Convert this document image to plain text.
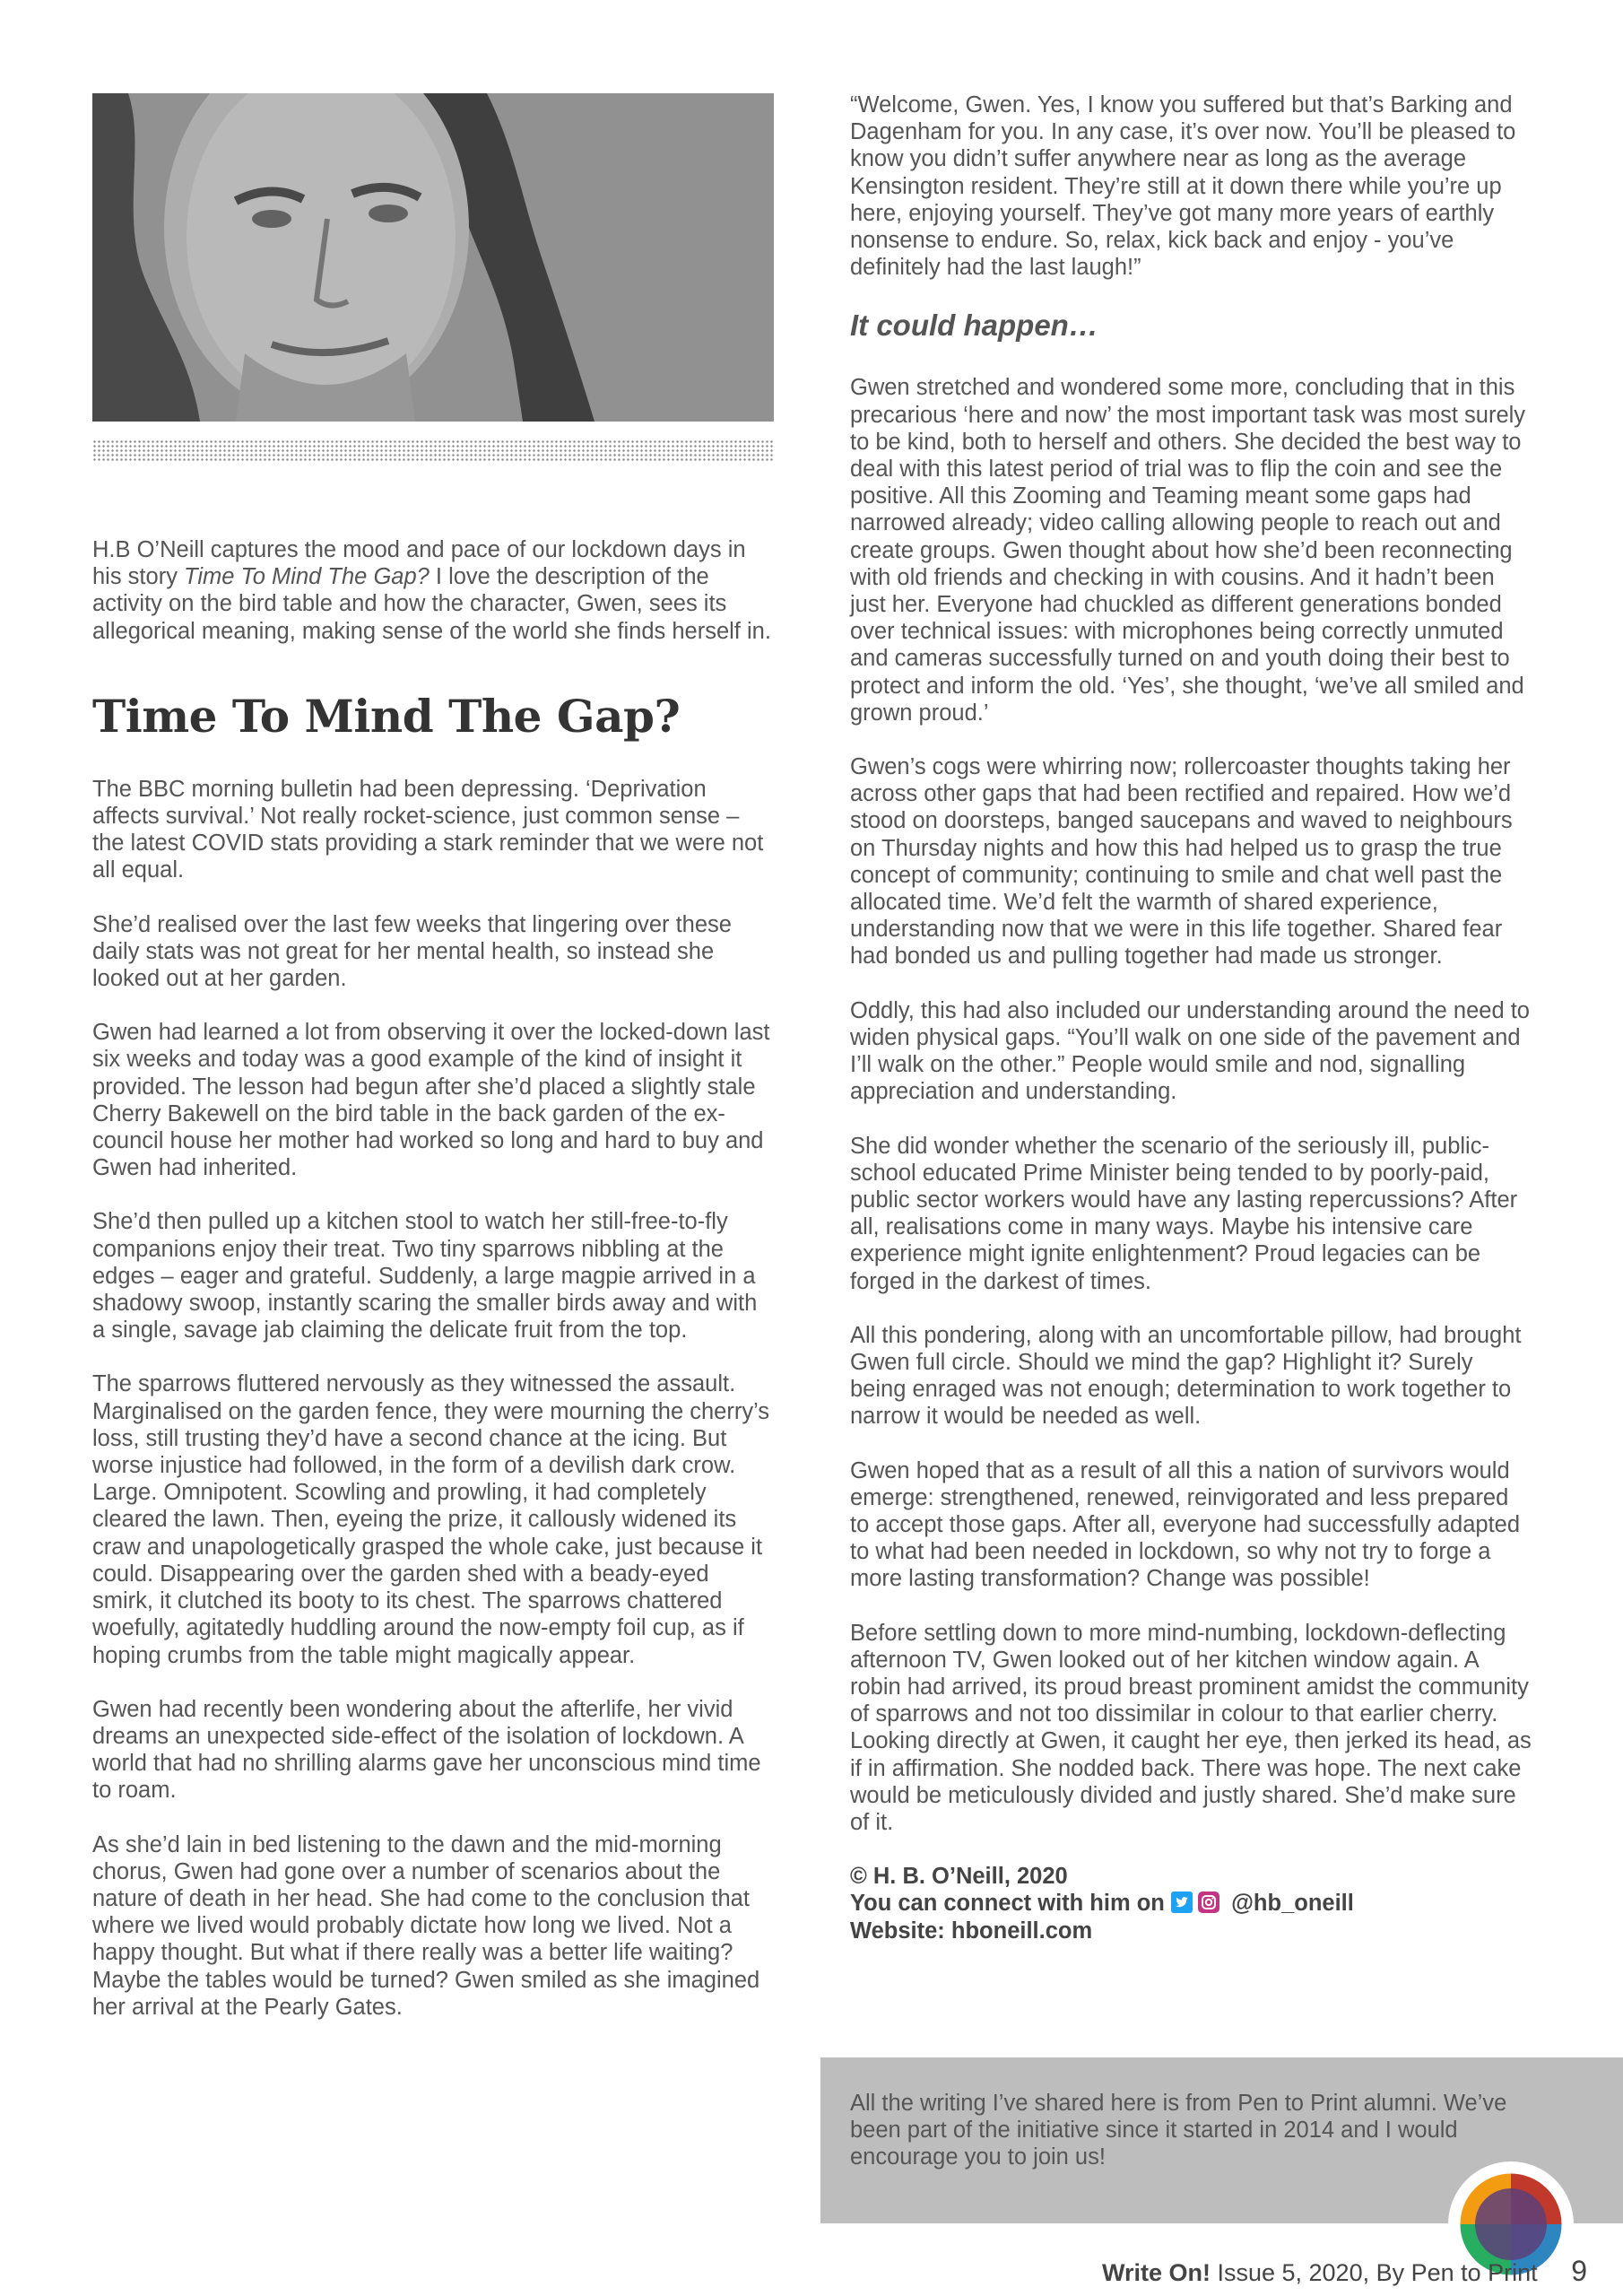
H.B O’Neill captures the mood and pace of our lockdown days in his story Time To Mind The Gap? I love the description of the activity on the bird table and how the character, Gwen, sees its allegorical meaning, making sense of the world she finds herself in.

Time To Mind The Gap?

The BBC morning bulletin had been depressing. ‘Deprivation affects survival.’ Not really rocket-science, just common sense – the latest COVID stats providing a stark reminder that we were not all equal.

She’d realised over the last few weeks that lingering over these daily stats was not great for her mental health, so instead she looked out at her garden.

Gwen had learned a lot from observing it over the locked-down last six weeks and today was a good example of the kind of insight it provided. The lesson had begun after she’d placed a slightly stale Cherry Bakewell on the bird table in the back garden of the ex-council house her mother had worked so long and hard to buy and Gwen had inherited.

She’d then pulled up a kitchen stool to watch her still-free-to-fly companions enjoy their treat. Two tiny sparrows nibbling at the edges – eager and grateful. Suddenly, a large magpie arrived in a shadowy swoop, instantly scaring the smaller birds away and with a single, savage jab claiming the delicate fruit from the top.

The sparrows fluttered nervously as they witnessed the assault. Marginalised on the garden fence, they were mourning the cherry’s loss, still trusting they’d have a second chance at the icing. But worse injustice had followed, in the form of a devilish dark crow. Large. Omnipotent. Scowling and prowling, it had completely cleared the lawn. Then, eyeing the prize, it callously widened its craw and unapologetically grasped the whole cake, just because it could. Disappearing over the garden shed with a beady-eyed smirk, it clutched its booty to its chest. The sparrows chattered woefully, agitatedly huddling around the now-empty foil cup, as if hoping crumbs from the table might magically appear.

Gwen had recently been wondering about the afterlife, her vivid dreams an unexpected side-effect of the isolation of lockdown. A world that had no shrilling alarms gave her unconscious mind time to roam.

As she’d lain in bed listening to the dawn and the mid-morning chorus, Gwen had gone over a number of scenarios about the nature of death in her head. She had come to the conclusion that where we lived would probably dictate how long we lived. Not a happy thought. But what if there really was a better life waiting? Maybe the tables would be turned? Gwen smiled as she imagined her arrival at the Pearly Gates.

“Welcome, Gwen. Yes, I know you suffered but that’s Barking and Dagenham for you. In any case, it’s over now. You’ll be pleased to know you didn’t suffer anywhere near as long as the average Kensington resident. They’re still at it down there while you’re up here, enjoying yourself. They’ve got many more years of earthly nonsense to endure. So, relax, kick back and enjoy - you’ve definitely had the last laugh!”

It could happen…

Gwen stretched and wondered some more, concluding that in this precarious ‘here and now’ the most important task was most surely to be kind, both to herself and others. She decided the best way to deal with this latest period of trial was to flip the coin and see the positive. All this Zooming and Teaming meant some gaps had narrowed already; video calling allowing people to reach out and create groups. Gwen thought about how she’d been reconnecting with old friends and checking in with cousins. And it hadn’t been just her. Everyone had chuckled as different generations bonded over technical issues: with microphones being correctly unmuted and cameras successfully turned on and youth doing their best to protect and inform the old. ‘Yes’, she thought, ‘we’ve all smiled and grown proud.’

Gwen’s cogs were whirring now; rollercoaster thoughts taking her across other gaps that had been rectified and repaired. How we’d stood on doorsteps, banged saucepans and waved to neighbours on Thursday nights and how this had helped us to grasp the true concept of community; continuing to smile and chat well past the allocated time. We’d felt the warmth of shared experience, understanding now that we were in this life together. Shared fear had bonded us and pulling together had made us stronger.

Oddly, this had also included our understanding around the need to widen physical gaps. “You’ll walk on one side of the pavement and I’ll walk on the other.” People would smile and nod, signalling appreciation and understanding.

She did wonder whether the scenario of the seriously ill, public-school educated Prime Minister being tended to by poorly-paid, public sector workers would have any lasting repercussions? After all, realisations come in many ways. Maybe his intensive care experience might ignite enlightenment? Proud legacies can be forged in the darkest of times.

All this pondering, along with an uncomfortable pillow, had brought Gwen full circle. Should we mind the gap? Highlight it? Surely being enraged was not enough; determination to work together to narrow it would be needed as well.

Gwen hoped that as a result of all this a nation of survivors would emerge: strengthened, renewed, reinvigorated and less prepared to accept those gaps. After all, everyone had successfully adapted to what had been needed in lockdown, so why not try to forge a more lasting transformation? Change was possible!

Before settling down to more mind-numbing, lockdown-deflecting afternoon TV, Gwen looked out of her kitchen window again. A robin had arrived, its proud breast prominent amidst the community of sparrows and not too dissimilar in colour to that earlier cherry. Looking directly at Gwen, it caught her eye, then jerked its head, as if in affirmation. She nodded back. There was hope. The next cake would be meticulously divided and justly shared. She’d make sure of it.

© H. B. O’Neill, 2020

You can connect with him on	@hb_oneill

Website: hboneill.com

All the writing I’ve shared here is from Pen to Print alumni. We’ve been part of the initiative since it started in 2014 and I would encourage you to join us!
Write On! Issue 5, 2020, By Pen to Print 9
